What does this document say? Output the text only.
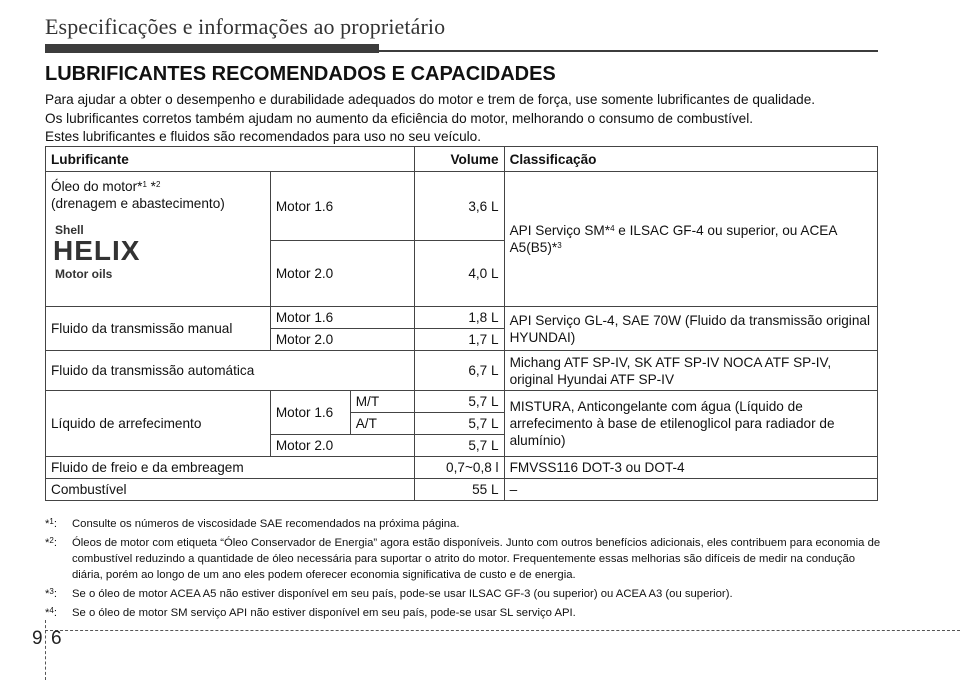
Especificações e informações ao proprietário
LUBRIFICANTES RECOMENDADOS E CAPACIDADES
Para ajudar a obter o desempenho e durabilidade adequados do motor e trem de força, use somente lubrificantes de qualidade.
Os lubrificantes corretos também ajudam no aumento da eficiência do motor, melhorando o consumo de combustível.
Estes lubrificantes e fluidos são recomendados para uso no seu veículo.
Lubrificante			Volume	Classificação

Óleo do motor*$^1$ *$^2$
(drenagem e abastecimento)
Shell
HELIX
Motor oils	Motor 1.6		3,6 L	API Serviço SM*$^4$ e ILSAC GF-4 ou superior, ou ACEA A5(B5)*$^3$
	Motor 2.0		4,0 L	
Fluido da transmissão manual	Motor 1.6		1,8 L	API Serviço GL-4, SAE 70W (Fluido da transmissão original HYUNDAI)
	Motor 2.0		1,7 L	
Fluido da transmissão automática			6,7 L	Michang ATF SP-IV, SK ATF SP-IV NOCA ATF SP-IV, original Hyundai ATF SP-IV
Líquido de arrefecimento	Motor 1.6	M/T	5,7 L	MISTURA, Anticongelante com água (Líquido de arrefecimento à base de etilenoglicol para radiador de alumínio)
		A/T	5,7 L	
	Motor 2.0		5,7 L	
Fluido de freio e da embreagem			0,7~0,8 l	FMVSS116 DOT-3 ou DOT-4
Combustível			55 L	–
*$^1$: Consulte os números de viscosidade SAE recomendados na próxima página.
*$^2$: Óleos de motor com etiqueta “Óleo Conservador de Energia” agora estão disponíveis. Junto com outros benefícios adicionais, eles contribuem para economia de combustível reduzindo a quantidade de óleo necessária para suportar o atrito do motor. Frequentemente essas melhorias são difíceis de medir na condução diária, porém ao longo de um ano eles podem oferecer economia significativa de custo e de energia.
*$^3$: Se o óleo de motor ACEA A5 não estiver disponível em seu país, pode-se usar ILSAC GF-3 (ou superior) ou ACEA A3 (ou superior).
*$^4$: Se o óleo de motor SM serviço API não estiver disponível em seu país, pode-se usar SL serviço API.
9 6
